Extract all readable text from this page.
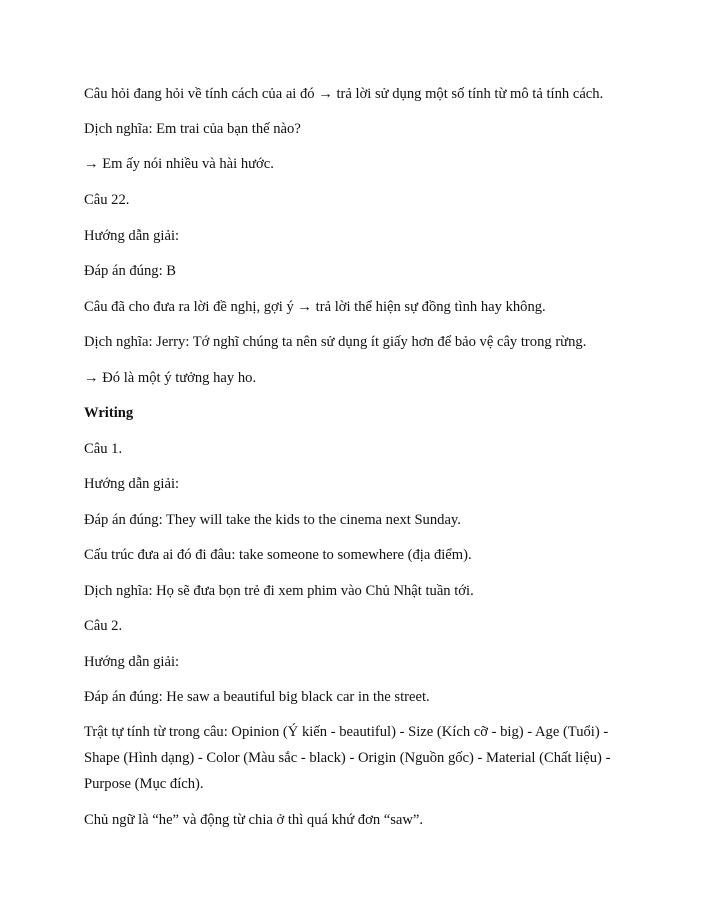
Câu hỏi đang hỏi về tính cách của ai đó → trả lời sử dụng một số tính từ mô tả tính cách.
Dịch nghĩa: Em trai của bạn thế nào?
→ Em ấy nói nhiều và hài hước.
Câu 22.
Hướng dẫn giải:
Đáp án đúng: B
Câu đã cho đưa ra lời đề nghị, gợi ý → trả lời thể hiện sự đồng tình hay không.
Dịch nghĩa: Jerry: Tớ nghĩ chúng ta nên sử dụng ít giấy hơn để bảo vệ cây trong rừng.
→ Đó là một ý tưởng hay ho.
Writing
Câu 1.
Hướng dẫn giải:
Đáp án đúng: They will take the kids to the cinema next Sunday.
Cấu trúc đưa ai đó đi đâu: take someone to somewhere (địa điểm).
Dịch nghĩa: Họ sẽ đưa bọn trẻ đi xem phim vào Chủ Nhật tuần tới.
Câu 2.
Hướng dẫn giải:
Đáp án đúng: He saw a beautiful big black car in the street.
Trật tự tính từ trong câu: Opinion (Ý kiến - beautiful) - Size (Kích cỡ - big) - Age (Tuổi) - Shape (Hình dạng) - Color (Màu sắc - black) - Origin (Nguồn gốc) - Material (Chất liệu) - Purpose (Mục đích).
Chủ ngữ là “he” và động từ chia ở thì quá khứ đơn “saw”.
